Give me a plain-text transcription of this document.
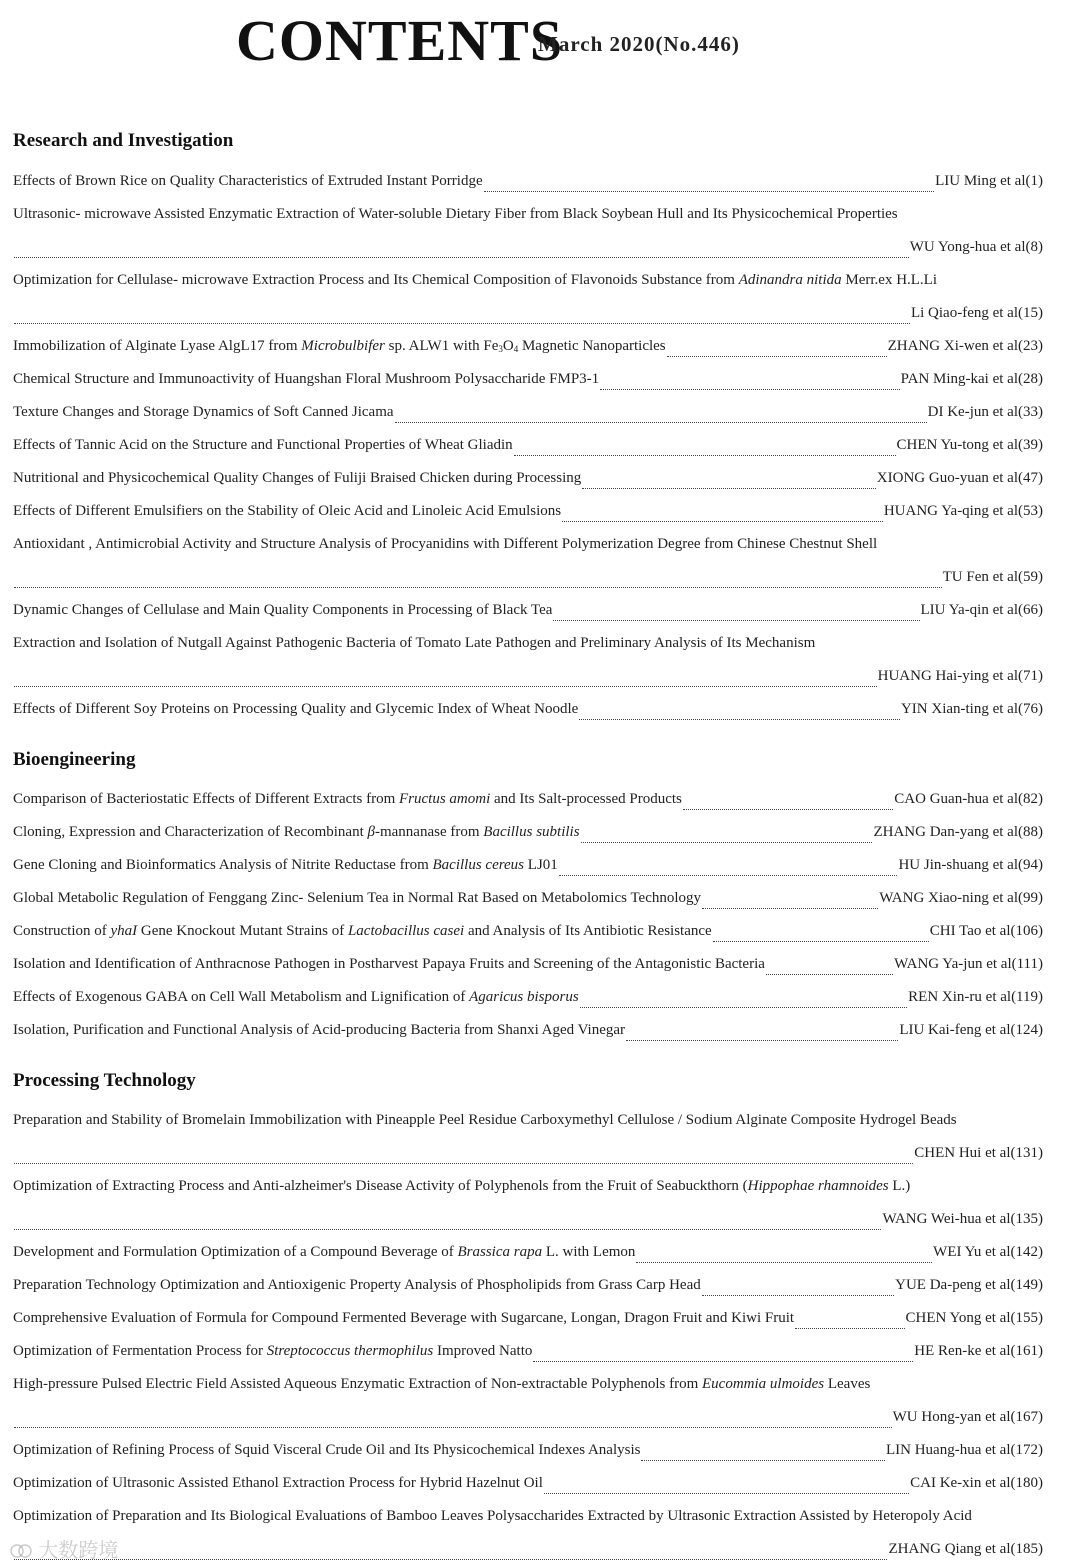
CONTENTS
March 2020(No.446)
Research and Investigation
Effects of Brown Rice on Quality Characteristics of Extruded Instant Porridge	LIU Ming et al(1)
Ultrasonic- microwave Assisted Enzymatic Extraction of Water-soluble Dietary Fiber from Black Soybean Hull and Its Physicochemical Properties
WU Yong-hua et al(8)
Optimization for Cellulase- microwave Extraction Process and Its Chemical Composition of Flavonoids Substance from Adinandra nitida Merr.ex H.L.Li
Li Qiao-feng et al(15)
Immobilization of Alginate Lyase AlgL17 from Microbulbifer sp. ALW1 with $Fe_3O_4$ Magnetic Nanoparticles	ZHANG Xi-wen et al(23)
Chemical Structure and Immunoactivity of Huangshan Floral Mushroom Polysaccharide FMP3-1	PAN Ming-kai et al(28)
Texture Changes and Storage Dynamics of Soft Canned Jicama	DI Ke-jun et al(33)
Effects of Tannic Acid on the Structure and Functional Properties of Wheat Gliadin	CHEN Yu-tong et al(39)
Nutritional and Physicochemical Quality Changes of Fuliji Braised Chicken during Processing	XIONG Guo-yuan et al(47)
Effects of Different Emulsifiers on the Stability of Oleic Acid and Linoleic Acid Emulsions	HUANG Ya-qing et al(53)
Antioxidant , Antimicrobial Activity and Structure Analysis of Procyanidins with Different Polymerization Degree from Chinese Chestnut Shell
TU Fen et al(59)
Dynamic Changes of Cellulase and Main Quality Components in Processing of Black Tea	LIU Ya-qin et al(66)
Extraction and Isolation of Nutgall Against Pathogenic Bacteria of Tomato Late Pathogen and Preliminary Analysis of Its Mechanism
HUANG Hai-ying et al(71)
Effects of Different Soy Proteins on Processing Quality and Glycemic Index of Wheat Noodle	YIN Xian-ting et al(76)
Bioengineering
Comparison of Bacteriostatic Effects of Different Extracts from Fructus amomi and Its Salt-processed Products	CAO Guan-hua et al(82)
Cloning, Expression and Characterization of Recombinant β-mannanase from Bacillus subtilis	ZHANG Dan-yang et al(88)
Gene Cloning and Bioinformatics Analysis of Nitrite Reductase from Bacillus cereus LJ01	HU Jin-shuang et al(94)
Global Metabolic Regulation of Fenggang Zinc- Selenium Tea in Normal Rat Based on Metabolomics Technology	WANG Xiao-ning et al(99)
Construction of yhaI Gene Knockout Mutant Strains of Lactobacillus casei and Analysis of Its Antibiotic Resistance	CHI Tao et al(106)
Isolation and Identification of Anthracnose Pathogen in Postharvest Papaya Fruits and Screening of the Antagonistic Bacteria	WANG Ya-jun et al(111)
Effects of Exogenous GABA on Cell Wall Metabolism and Lignification of Agaricus bisporus	REN Xin-ru et al(119)
Isolation, Purification and Functional Analysis of Acid-producing Bacteria from Shanxi Aged Vinegar	LIU Kai-feng et al(124)
Processing Technology
Preparation and Stability of Bromelain Immobilization with Pineapple Peel Residue Carboxymethyl Cellulose / Sodium Alginate Composite Hydrogel Beads
CHEN Hui et al(131)
Optimization of Extracting Process and Anti-alzheimer's Disease Activity of Polyphenols from the Fruit of Seabuckthorn (Hippophae rhamnoides L.)
WANG Wei-hua et al(135)
Development and Formulation Optimization of a Compound Beverage of Brassica rapa L. with Lemon	WEI Yu et al(142)
Preparation Technology Optimization and Antioxigenic Property Analysis of Phospholipids from Grass Carp Head	YUE Da-peng et al(149)
Comprehensive Evaluation of Formula for Compound Fermented Beverage with Sugarcane, Longan, Dragon Fruit and Kiwi Fruit	CHEN Yong et al(155)
Optimization of Fermentation Process for Streptococcus thermophilus Improved Natto	HE Ren-ke et al(161)
High-pressure Pulsed Electric Field Assisted Aqueous Enzymatic Extraction of Non-extractable Polyphenols from Eucommia ulmoides Leaves
WU Hong-yan et al(167)
Optimization of Refining Process of Squid Visceral Crude Oil and Its Physicochemical Indexes Analysis	LIN Huang-hua et al(172)
Optimization of Ultrasonic Assisted Ethanol Extraction Process for Hybrid Hazelnut Oil	CAI Ke-xin et al(180)
Optimization of Preparation and Its Biological Evaluations of Bamboo Leaves Polysaccharides Extracted by Ultrasonic Extraction Assisted by Heteropoly Acid
ZHANG Qiang et al(185)
大数跨境
